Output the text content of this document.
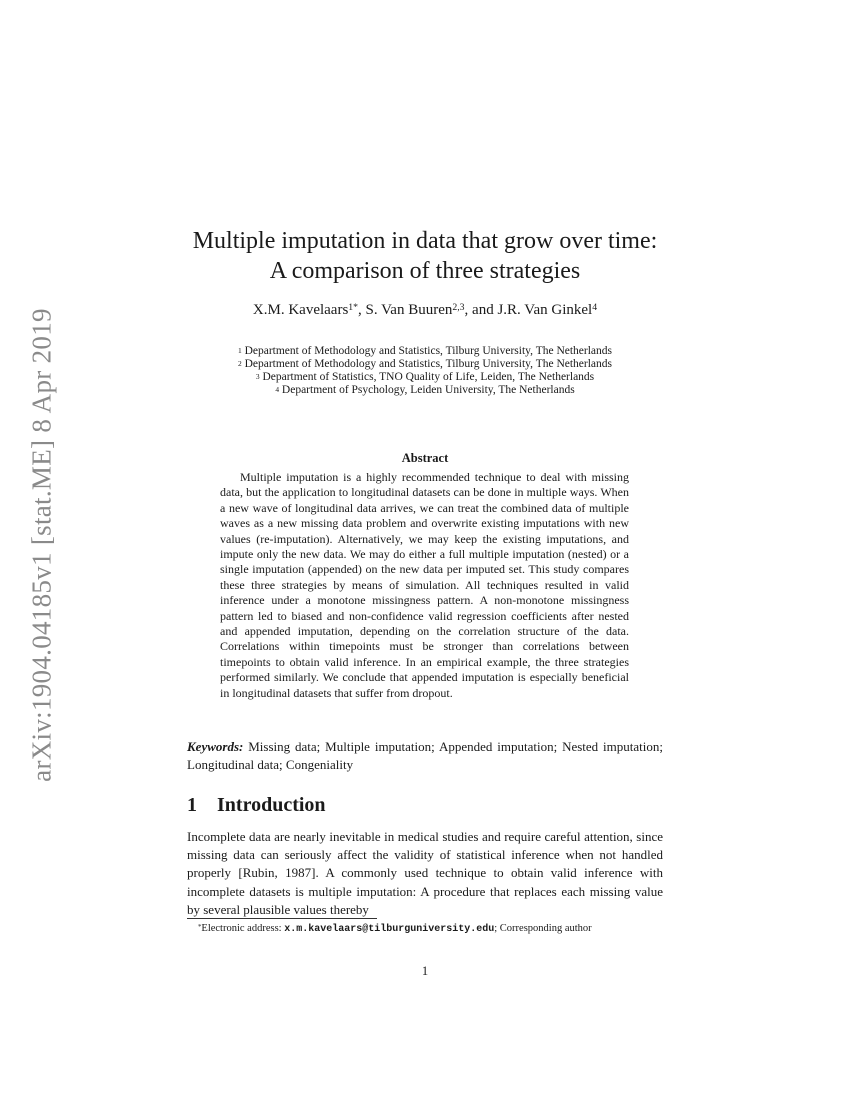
arXiv:1904.04185v1 [stat.ME] 8 Apr 2019
Multiple imputation in data that grow over time:
A comparison of three strategies
X.M. Kavelaars$^{1*}$, S. Van Buuren$^{2,3}$, and J.R. Van Ginkel$^4$
$^1$ Department of Methodology and Statistics, Tilburg University, The Netherlands
$^2$ Department of Methodology and Statistics, Tilburg University, The Netherlands
$^3$ Department of Statistics, TNO Quality of Life, Leiden, The Netherlands
$^4$ Department of Psychology, Leiden University, The Netherlands
Abstract

Multiple imputation is a highly recommended technique to deal with missing data, but the application to longitudinal datasets can be done in multiple ways. When a new wave of longitudinal data arrives, we can treat the combined data of multiple waves as a new missing data problem and overwrite existing imputations with new values (re-imputation). Alternatively, we may keep the existing imputations, and impute only the new data. We may do either a full multiple imputation (nested) or a single imputation (appended) on the new data per imputed set. This study compares these three strategies by means of simulation. All techniques resulted in valid inference under a monotone missingness pattern. A non-monotone missingness pattern led to biased and non-confidence valid regression coefficients after nested and appended imputation, depending on the correlation structure of the data. Correlations within timepoints must be stronger than correlations between timepoints to obtain valid inference. In an empirical example, the three strategies performed similarly. We conclude that appended imputation is especially beneficial in longitudinal datasets that suffer from dropout.

Keywords: Missing data; Multiple imputation; Appended imputation; Nested imputation; Longitudinal data; Congeniality

1 Introduction

Incomplete data are nearly inevitable in medical studies and require careful attention, since missing data can seriously affect the validity of statistical inference when not handled properly [Rubin, 1987]. A commonly used technique to obtain valid inference with incomplete datasets is multiple imputation: A procedure that replaces each missing value by several plausible values thereby

*Electronic address: x.m.kavelaars@tilburguniversity.edu; Corresponding author
1
